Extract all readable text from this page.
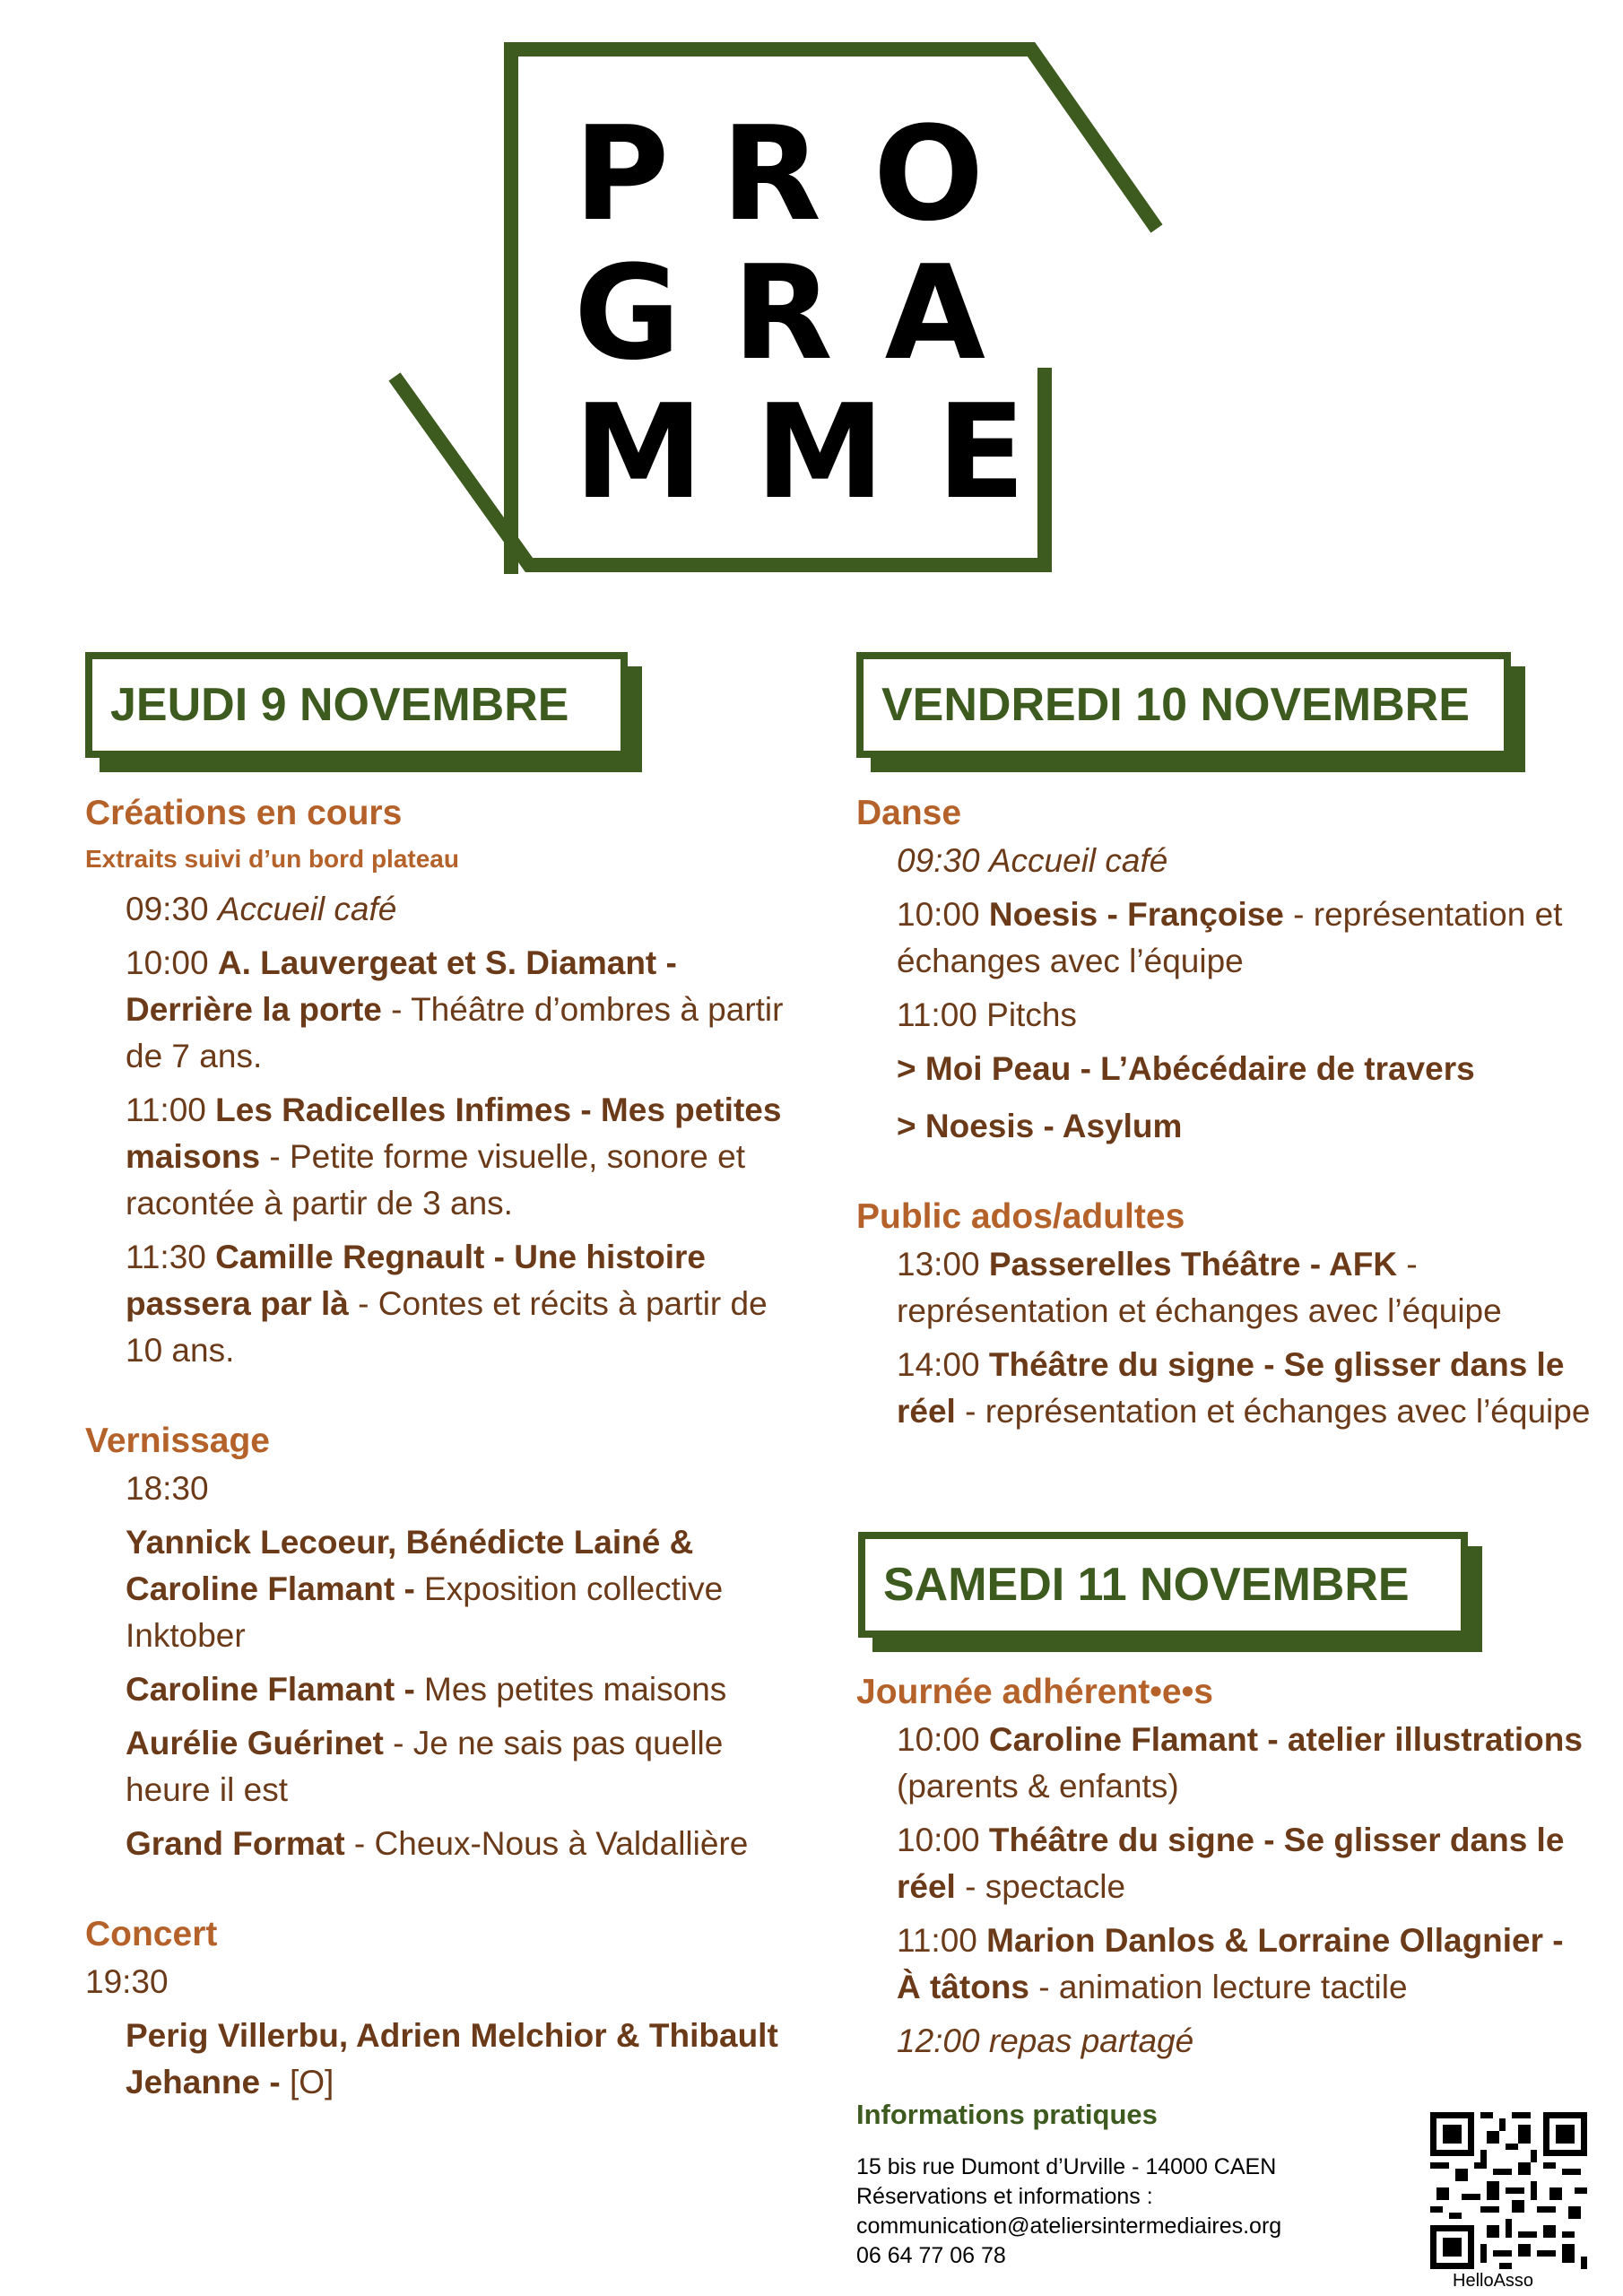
PRO
GRA
MME
JEUDI 9 NOVEMBRE	VENDREDI 10 NOVEMBRE
SAMEDI 11 NOVEMBRE
Créations en cours
Extraits suivi d’un bord plateau
09:30 Accueil café
10:00 A. Lauvergeat et S. Diamant - Derrière la porte - Théâtre d’ombres à partir de 7 ans.
11:00 Les Radicelles Infimes - Mes petites maisons - Petite forme visuelle, sonore et racontée à partir de 3 ans.
11:30 Camille Regnault - Une histoire passera par là - Contes et récits à partir de 10 ans.
Vernissage
18:30
Yannick Lecoeur, Bénédicte Lainé & Caroline Flamant - Exposition collective Inktober
Caroline Flamant - Mes petites maisons
Aurélie Guérinet - Je ne sais pas quelle heure il est
Grand Format - Cheux-Nous à Valdallière
Concert
19:30
Perig Villerbu, Adrien Melchior & Thibault Jehanne - [O]
Danse
09:30 Accueil café
10:00 Noesis - Françoise - représentation et échanges avec l’équipe
11:00 Pitchs
> Moi Peau - L’Abécédaire de travers
> Noesis - Asylum
Public ados/adultes
13:00 Passerelles Théâtre - AFK - représentation et échanges avec l’équipe
14:00 Théâtre du signe - Se glisser dans le réel - représentation et échanges avec l’équipe
Journée adhérent•e•s
10:00 Caroline Flamant - atelier illustrations (parents & enfants)
10:00 Théâtre du signe - Se glisser dans le réel - spectacle
11:00 Marion Danlos & Lorraine Ollagnier - À tâtons - animation lecture tactile
12:00 repas partagé
Informations pratiques
15 bis rue Dumont d’Urville - 14000 CAEN
Réservations et informations :
communication@ateliersintermediaires.org
06 64 77 06 78
HelloAsso
